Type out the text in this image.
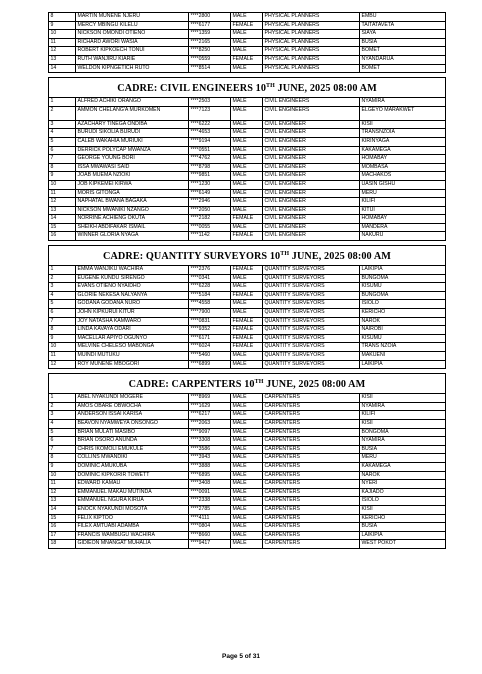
8	MARTIN MUNENE NJERU	****2800	MALE	PHYSICAL PLANNERS	EMBU
9	MERCY MBINGU KILELU	****6177	FEMALE	PHYSICAL PLANNERS	TAITATAVETA
10	NICKSON OMONDI OTIENO	****1359	MALE	PHYSICAL PLANNERS	SIAYA
11	RICHARD AWORI WASIA	****2165	MALE	PHYSICAL PLANNERS	BUSIA
12	ROBERT KIPKOECH TONUI	****8250	MALE	PHYSICAL PLANNERS	BOMET
13	RUTH WANJIRU KIARIE	****0559	FEMALE	PHYSICAL PLANNERS	NYANDARUA
14	WELDON KIPNGETICH RUTO	****8514	MALE	PHYSICAL PLANNERS	BOMET

CADRE: CIVIL ENGINEERS 10TH JUNE, 2025 08:00 AM					
1	ALFRED ACHIKI ORANGO	****2503	MALE	CIVIL ENGINEERS	NYAMIRA
2	AMMON CHELANG'A MURKOMEN	****7123	MALE	CIVIL ENGINEERS	ELGEYO MARAKWET
3	AZACHARY TINEGA ONDIBA	****6222	MALE	CIVIL ENGINEER	KISII
4	BURUDI SIKOLIA BURUDI	****4653	MALE	CIVIL ENGINEER	TRANSNZOIA
5	CALEB WAKAHIA MURIUKI	****9194	MALE	CIVIL ENGINEER	KIRINYAGA
6	DERRICK POLYCAP MWANZA	****0551	MALE	CIVIL ENGINEER	KAKAMEGA
7	GEORGE YOUNG BORI	****4762	MALE	CIVIL ENGINEER	HOMABAY
8	ISSA MWAWASI SAID	****8798	MALE	CIVIL ENGINEER	MOMBASA
9	JOAB MUEMA NZIOKI	****9851	MALE	CIVIL ENGINEER	MACHAKOS
10	JOB KIPKEMEI KIRWA	****1230	MALE	CIVIL ENGINEER	UASIN GISHU
11	MORIS GITONGA	****6149	MALE	CIVIL ENGINEER	MERU
12	NAPHATAL BWANA BAGAKA	****2946	MALE	CIVIL ENGINEER	KILIFI
13	NICKSON MWANIKI NZANGO	****2050	MALE	CIVIL ENGINEER	KITUI
14	NORRINE ACHIENG OKUTA	****2182	FEMALE	CIVIL ENGINEER	HOMABAY
15	SHEIKH ABDIFAKAR ISMAIL	****0055	MALE	CIVIL ENGINEER	MANDERA
16	WINNER GLORIA NYAGA	****1142	FEMALE	CIVIL ENGINEER	NAKURU

CADRE: QUANTITY SURVEYORS 10TH JUNE, 2025 08:00 AM					
1	EMMA WANJIKU WACHIRA	****2376	FEMALE	QUANTITY SURVEYORS	LAIKIPIA
2	EUGENE KUNDU SIRENGO	****0341	MALE	QUANTITY SURVEYORS	BUNGOMA
3	EVANS OTIENO NYAIDHO	****6228	MALE	QUANTITY SURVEYORS	KISUMU
4	GLORIE NEKESA NALYANYA	****5184	FEMALE	QUANTITY SURVEYORS	BUNGOMA
5	GODANA GODANA NURO	****4558	MALE	QUANTITY SURVEYORS	ISIOLO
6	JOHN KIPKURUI KITUR	****7900	MALE	QUANTITY SURVEYORS	KERICHO
7	JOY NATASHA KAMWARO	****0831	FEMALE	QUANTITY SURVEYORS	NAROK
8	LINDA KAVAYA ODARI	****9352	FEMALE	QUANTITY SURVEYORS	NAIROBI
9	MACELLAR APIYO OGUNYO	****6171	FEMALE	QUANTITY SURVEYORS	KISUMU
10	MELVINE CHELESO MABONGA	****6024	FEMALE	QUANTITY SURVEYORS	TRANS NZOIA
11	MUINDI MUTUKU	****5460	MALE	QUANTITY SURVEYORS	MAKUENI
12	ROY MUNENE MBOGORI	****6899	MALE	QUANTITY SURVEYORS	LAIKIPIA

CADRE: CARPENTERS 10TH JUNE, 2025 08:00 AM					
1	ABEL NYAKUNDI MOGERE	****8969	MALE	CARPENTERS	KISII
2	AMOS OBARE OBWOCHA	****1629	MALE	CARPENTERS	NYAMIRA
3	ANDERSON ISSAI KARISA	****6217	MALE	CARPENTERS	KILIFI
4	BEAVON NYAMWEYA ONSONGO	****2063	MALE	CARPENTERS	KISII
5	BRIAN MULATI MASIBO	****9097	MALE	CARPENTERS	BONGOMA
6	BRIAN OSORO ANUNDA	****3308	MALE	CARPENTERS	NYAMIRA
7	CHRIS IKOMOLI EMUKULE	****3586	MALE	CARPENTERS	BUSIA
8	COLLINS MWANDIKI	****3943	MALE	CARPENTERS	MERU
9	DOMINIC AMUKUBA	****3888	MALE	CARPENTERS	KAKAMEGA
10	DOMINIC KIPKORIR TOWETT	****6895	MALE	CARPENTERS	NAROK
11	EDWARD KAMAU	****3408	MALE	CARPENTERS	NYERI
12	EMMANUEL MAKAU MUTINDA	****0091	MALE	CARPENTERS	KAJIADO
13	EMMANUEL NGURA KIRUA	****2338	MALE	CARPENTERS	ISIOLO
14	ENOCK NYAKUNDI MOSOTA	****2785	MALE	CARPENTERS	KISII
15	FELIX KIPTOO	****4111	MALE	CARPENTERS	KERICHO
16	FILEX AMTUABI ADAMBA	****0804	MALE	CARPENTERS	BUSIA
17	FRANCIS WAMBUGU WACHIRA	****8660	MALE	CARPENTERS	LAIKIPIA
18	GIDIEON MNANGAT MUHALIA	****9417	MALE	CARPENTERS	WEST POKOT
Page 5 of 31
